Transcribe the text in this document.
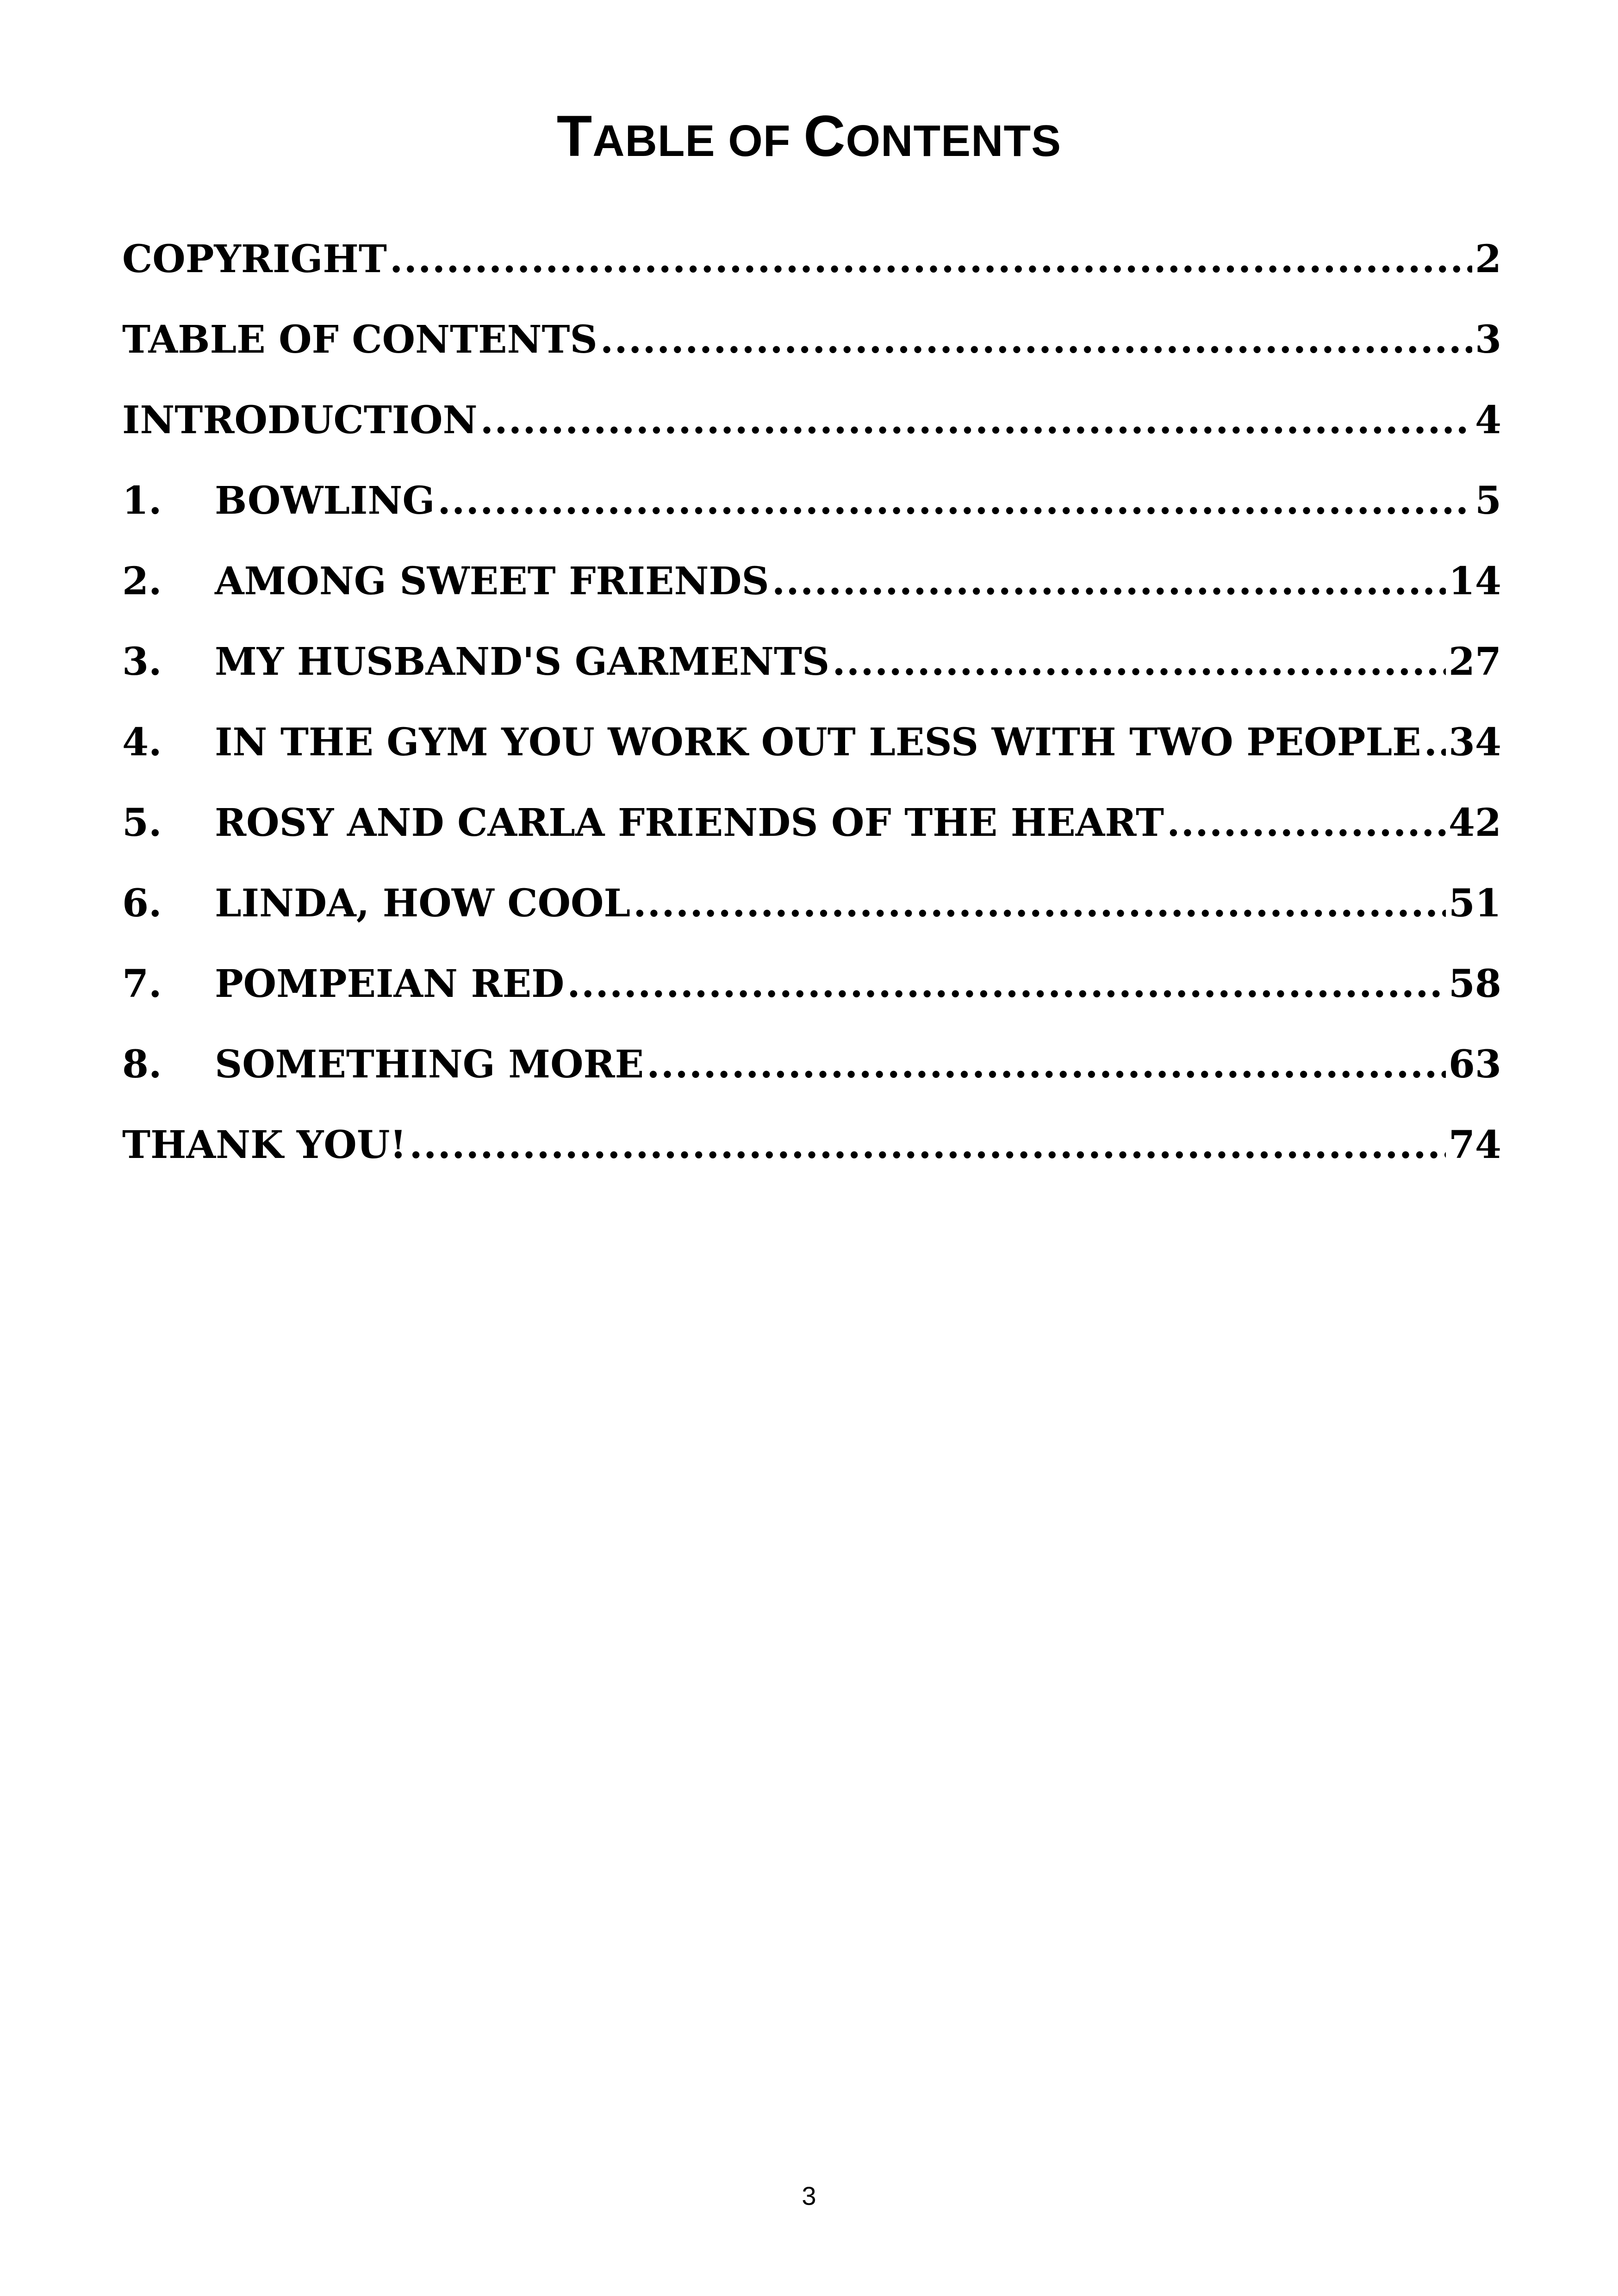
TABLE OF CONTENTS
COPYRIGHT .....	2
TABLE OF CONTENTS .....	3
INTRODUCTION .....	4
1.	BOWLING .....	5
2.	AMONG SWEET FRIENDS .....	14
3.	MY HUSBAND'S GARMENTS .....	27
4.	IN THE GYM YOU WORK OUT LESS WITH TWO PEOPLE ..... 34
5.	ROSY AND CARLA FRIENDS OF THE HEART .....	42
6.	LINDA, HOW COOL .....	51
7.	POMPEIAN RED .....	58
8.	SOMETHING MORE .....	63
THANK YOU! .....	74
3
